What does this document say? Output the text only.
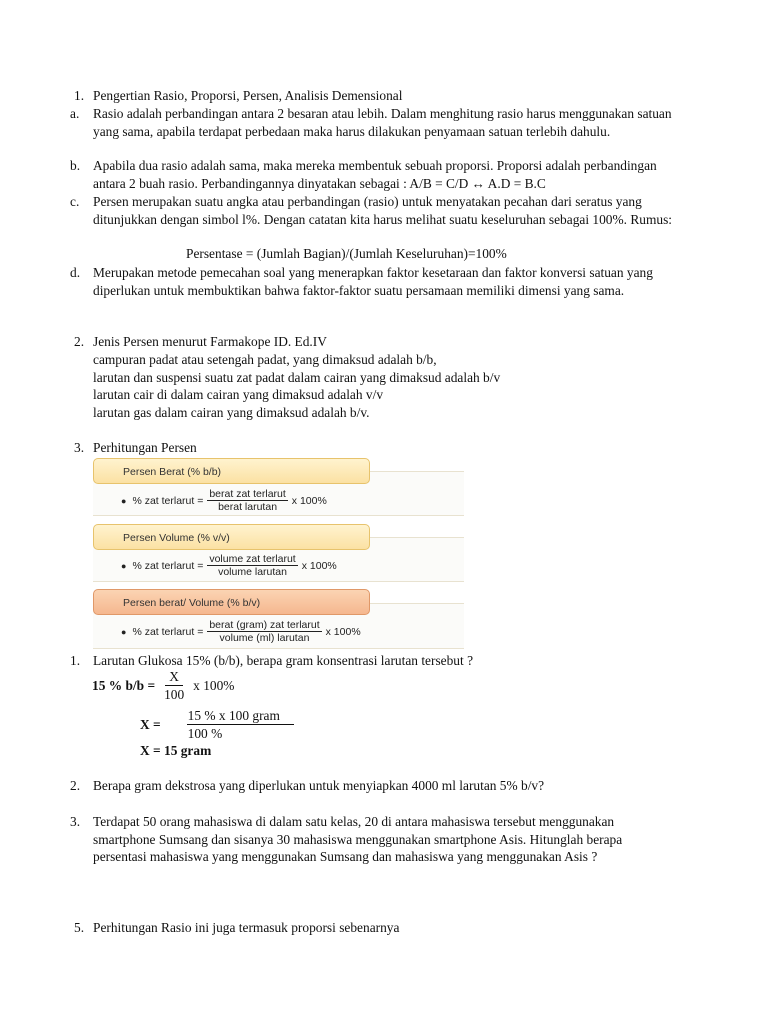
1. Pengertian Rasio, Proporsi, Persen, Analisis Demensional
a. Rasio adalah perbandingan antara 2 besaran atau lebih. Dalam menghitung rasio harus menggunakan satuan yang sama, apabila terdapat perbedaan maka harus dilakukan penyamaan satuan terlebih dahulu.
b. Apabila dua rasio adalah sama, maka mereka membentuk sebuah proporsi. Proporsi adalah perbandingan antara 2 buah rasio. Perbandingannya dinyatakan sebagai : A/B = C/D ↔ A.D = B.C
c. Persen merupakan suatu angka atau perbandingan (rasio) untuk menyatakan pecahan dari seratus yang ditunjukkan dengan simbol l%. Dengan catatan kita harus melihat suatu keseluruhan sebagai 100%. Rumus:
Persentase = (Jumlah Bagian)/(Jumlah Keseluruhan)=100%
d. Merupakan metode pemecahan soal yang menerapkan faktor kesetaraan dan faktor konversi satuan yang diperlukan untuk membuktikan bahwa faktor-faktor suatu persamaan memiliki dimensi yang sama.
2. Jenis Persen menurut Farmakope ID. Ed.IV
campuran padat atau setengah padat, yang dimaksud adalah b/b,
larutan dan suspensi suatu zat padat dalam cairan yang dimaksud adalah b/v
larutan cair di dalam cairan yang dimaksud adalah v/v
larutan gas dalam cairan yang dimaksud adalah b/v.
3. Perhitungan Persen
Persen Berat (% b/b)
● % zat terlarut = $\frac{\text{berat zat terlarut}}{\text{berat larutan}}$ x 100%
Persen Volume (% v/v)
● % zat terlarut = $\frac{\text{volume zat terlarut}}{\text{volume larutan}}$ x 100%
Persen berat/ Volume (% b/v)
● % zat terlarut = $\frac{\text{berat (gram) zat terlarut}}{\text{volume (ml) larutan}}$ x 100%
1. Larutan Glukosa 15% (b/b), berapa gram konsentrasi larutan tersebut ?
15 % $b/b = \frac{X}{100}$ x 100%
$X = \frac{\text{15 \% x 100 gram}}{100 \%}$
X = 15 gram
2. Berapa gram dekstrosa yang diperlukan untuk menyiapkan 4000 ml larutan 5% b/v?
3. Terdapat 50 orang mahasiswa di dalam satu kelas, 20 di antara mahasiswa tersebut menggunakan smartphone Sumsang dan sisanya 30 mahasiswa menggunakan smartphone Asis. Hitunglah berapa persentasi mahasiswa yang menggunakan Sumsang dan mahasiswa yang menggunakan Asis ?
5. Perhitungan Rasio ini juga termasuk proporsi sebenarnya
